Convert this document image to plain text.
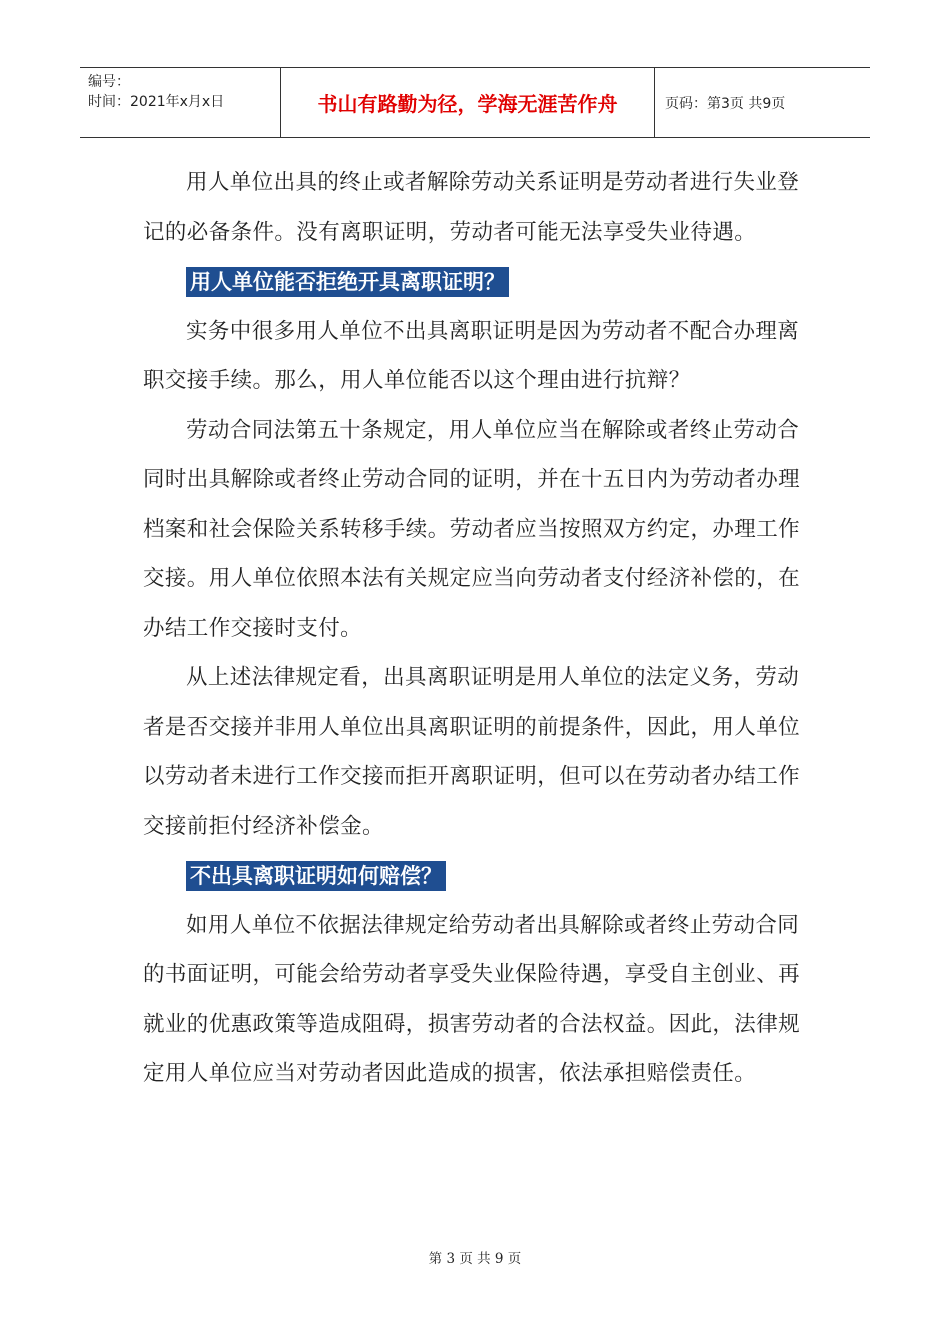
编号：
时间：2021年x月x日	书山有路勤为径，学海无涯苦作舟	页码：第3页 共9页

用人单位出具的终止或者解除劳动关系证明是劳动者进行失业登记的必备条件。没有离职证明，劳动者可能无法享受失业待遇。

用人单位能否拒绝开具离职证明？

实务中很多用人单位不出具离职证明是因为劳动者不配合办理离职交接手续。那么，用人单位能否以这个理由进行抗辩？

劳动合同法第五十条规定，用人单位应当在解除或者终止劳动合同时出具解除或者终止劳动合同的证明，并在十五日内为劳动者办理档案和社会保险关系转移手续。劳动者应当按照双方约定，办理工作交接。用人单位依照本法有关规定应当向劳动者支付经济补偿的，在办结工作交接时支付。

从上述法律规定看，出具离职证明是用人单位的法定义务，劳动者是否交接并非用人单位出具离职证明的前提条件，因此，用人单位以劳动者未进行工作交接而拒开离职证明，但可以在劳动者办结工作交接前拒付经济补偿金。

不出具离职证明如何赔偿？

如用人单位不依据法律规定给劳动者出具解除或者终止劳动合同的书面证明，可能会给劳动者享受失业保险待遇，享受自主创业、再就业的优惠政策等造成阻碍，损害劳动者的合法权益。因此，法律规定用人单位应当对劳动者因此造成的损害，依法承担赔偿责任。

第 3 页 共 9 页
